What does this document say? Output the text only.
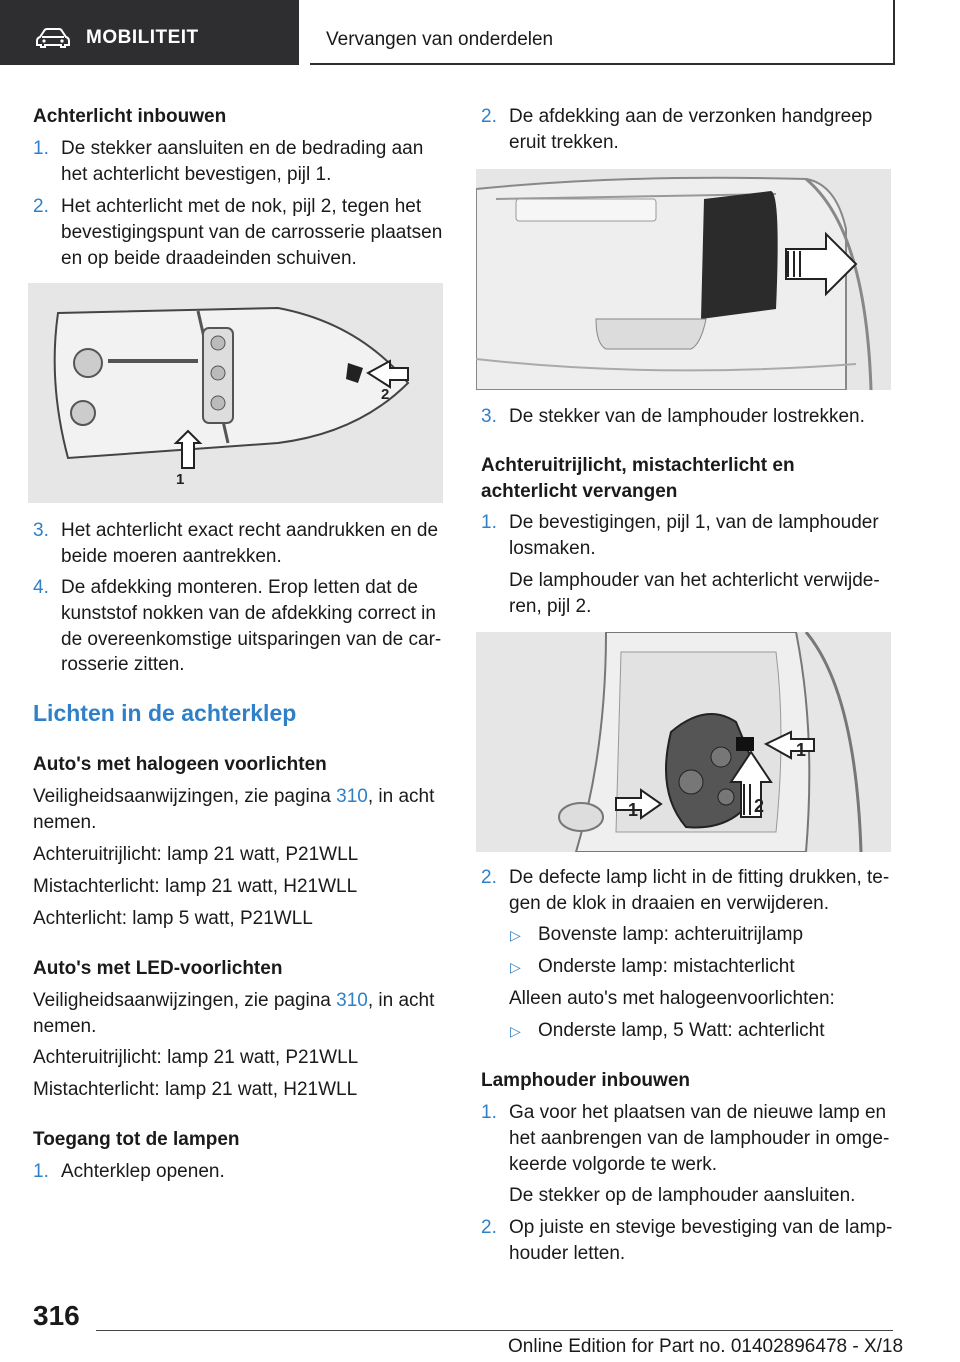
MOBILITEIT	Vervangen van onderdelen
Achterlicht inbouwen
1. De stekker aansluiten en de bedrading aan
het achterlicht bevestigen, pijl 1.
2. Het achterlicht met de nok, pijl 2, tegen het
bevestigingspunt van de carrosserie plaatsen
en op beide draadeinden schuiven.
2
1
3. Het achterlicht exact recht aandrukken en de
beide moeren aantrekken.
4. De afdekking monteren. Erop letten dat de
kunststof nokken van de afdekking correct in
de overeenkomstige uitsparingen van de car‐
rosserie zitten.
Lichten in de achterklep
Auto's met halogeen voorlichten
Veiligheidsaanwijzingen, zie pagina 310, in acht
nemen.
Achteruitrijlicht: lamp 21 watt, P21WLL
Mistachterlicht: lamp 21 watt, H21WLL
Achterlicht: lamp 5 watt, P21WLL
Auto's met LED-voorlichten
Veiligheidsaanwijzingen, zie pagina 310, in acht
nemen.
Achteruitrijlicht: lamp 21 watt, P21WLL
Mistachterlicht: lamp 21 watt, H21WLL
Toegang tot de lampen
1. Achterklep openen.
2. De afdekking aan de verzonken handgreep
eruit trekken.
3. De stekker van de lamphouder lostrekken.
Achteruitrijlicht, mistachterlicht en
achterlicht vervangen
1. De bevestigingen, pijl 1, van de lamphouder
losmaken.
De lamphouder van het achterlicht verwijde‐
ren, pijl 2.
1
1	2
2. De defecte lamp licht in de fitting drukken, te‐
gen de klok in draaien en verwijderen.
▷ Bovenste lamp: achteruitrijlamp
▷ Onderste lamp: mistachterlicht
Alleen auto's met halogeenvoorlichten:
▷ Onderste lamp, 5 Watt: achterlicht
Lamphouder inbouwen
1. Ga voor het plaatsen van de nieuwe lamp en
het aanbrengen van de lamphouder in omge‐
keerde volgorde te werk.
De stekker op de lamphouder aansluiten.
2. Op juiste en stevige bevestiging van de lamp‐
houder letten.
316
Online Edition for Part no. 01402896478 - X/18
